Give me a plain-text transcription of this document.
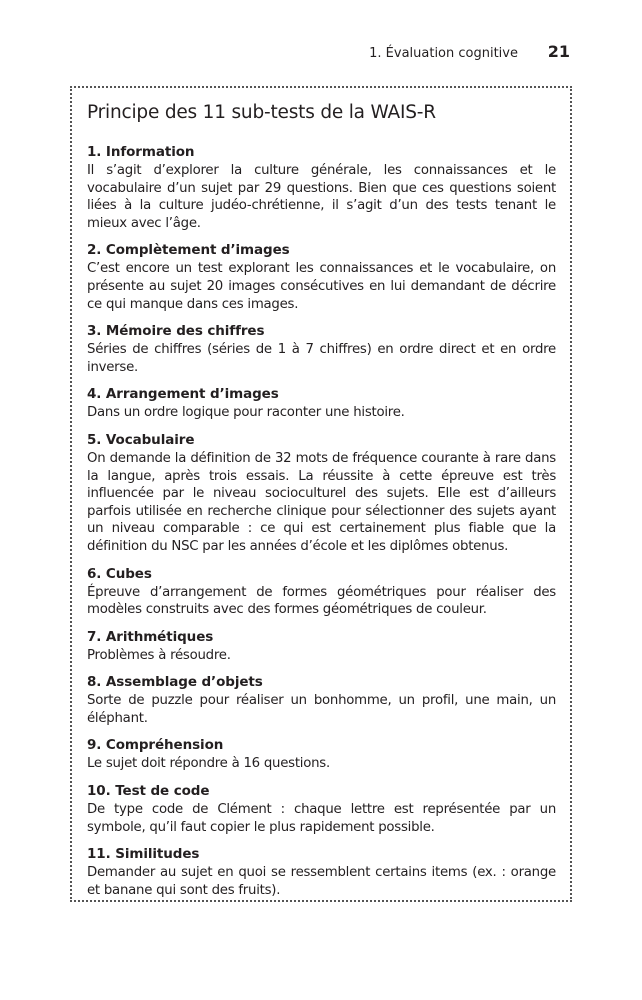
1. Évaluation cognitive 21
Principe des 11 sub-tests de la WAIS-R
1. Information

Il s’agit d’explorer la culture générale, les connaissances et le vocabulaire d’un sujet par 29 questions. Bien que ces questions soient liées à la culture judéo-chrétienne, il s’agit d’un des tests tenant le mieux avec l’âge.

2. Complètement d’images

C’est encore un test explorant les connaissances et le vocabulaire, on présente au sujet 20 images consécutives en lui demandant de décrire ce qui manque dans ces images.

3. Mémoire des chiffres

Séries de chiffres (séries de 1 à 7 chiffres) en ordre direct et en ordre inverse.

4. Arrangement d’images

Dans un ordre logique pour raconter une histoire.

5. Vocabulaire

On demande la définition de 32 mots de fréquence courante à rare dans la langue, après trois essais. La réussite à cette épreuve est très influencée par le niveau socioculturel des sujets. Elle est d’ailleurs parfois utilisée en recherche clinique pour sélectionner des sujets ayant un niveau comparable : ce qui est certainement plus fiable que la définition du NSC par les années d’école et les diplômes obtenus.

6. Cubes

Épreuve d’arrangement de formes géométriques pour réaliser des modèles construits avec des formes géométriques de couleur.

7. Arithmétiques

Problèmes à résoudre.

8. Assemblage d’objets

Sorte de puzzle pour réaliser un bonhomme, un profil, une main, un éléphant.

9. Compréhension

Le sujet doit répondre à 16 questions.

10. Test de code

De type code de Clément : chaque lettre est représentée par un symbole, qu’il faut copier le plus rapidement possible.

11. Similitudes

Demander au sujet en quoi se ressemblent certains items (ex. : orange et banane qui sont des fruits).
